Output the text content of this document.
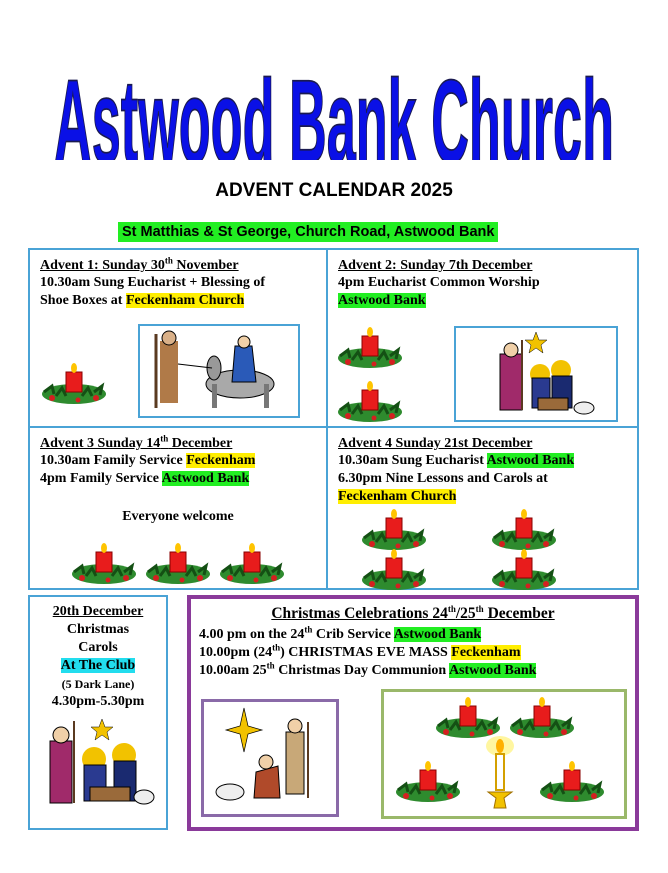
Astwood Bank Church
ADVENT CALENDAR 2025
St Matthias & St George, Church Road, Astwood Bank
Advent 1: Sunday 30th November
10.30am Sung Eucharist + Blessing of
Shoe Boxes at Feckenham Church
Advent 2: Sunday 7th December
4pm Eucharist Common Worship
Astwood Bank
Advent 3 Sunday 14th December
10.30am Family Service Feckenham
4pm Family Service Astwood Bank
Everyone welcome
Advent 4 Sunday 21st December
10.30am Sung Eucharist Astwood Bank
6.30pm Nine Lessons and Carols at
Feckenham Church
20th December
Christmas
Carols
At The Club
(5 Dark Lane)
4.30pm-5.30pm
Christmas Celebrations 24th/25th December
4.00 pm on the 24th Crib Service Astwood Bank
10.00pm (24th) CHRISTMAS EVE MASS Feckenham
10.00am 25th Christmas Day Communion Astwood Bank
